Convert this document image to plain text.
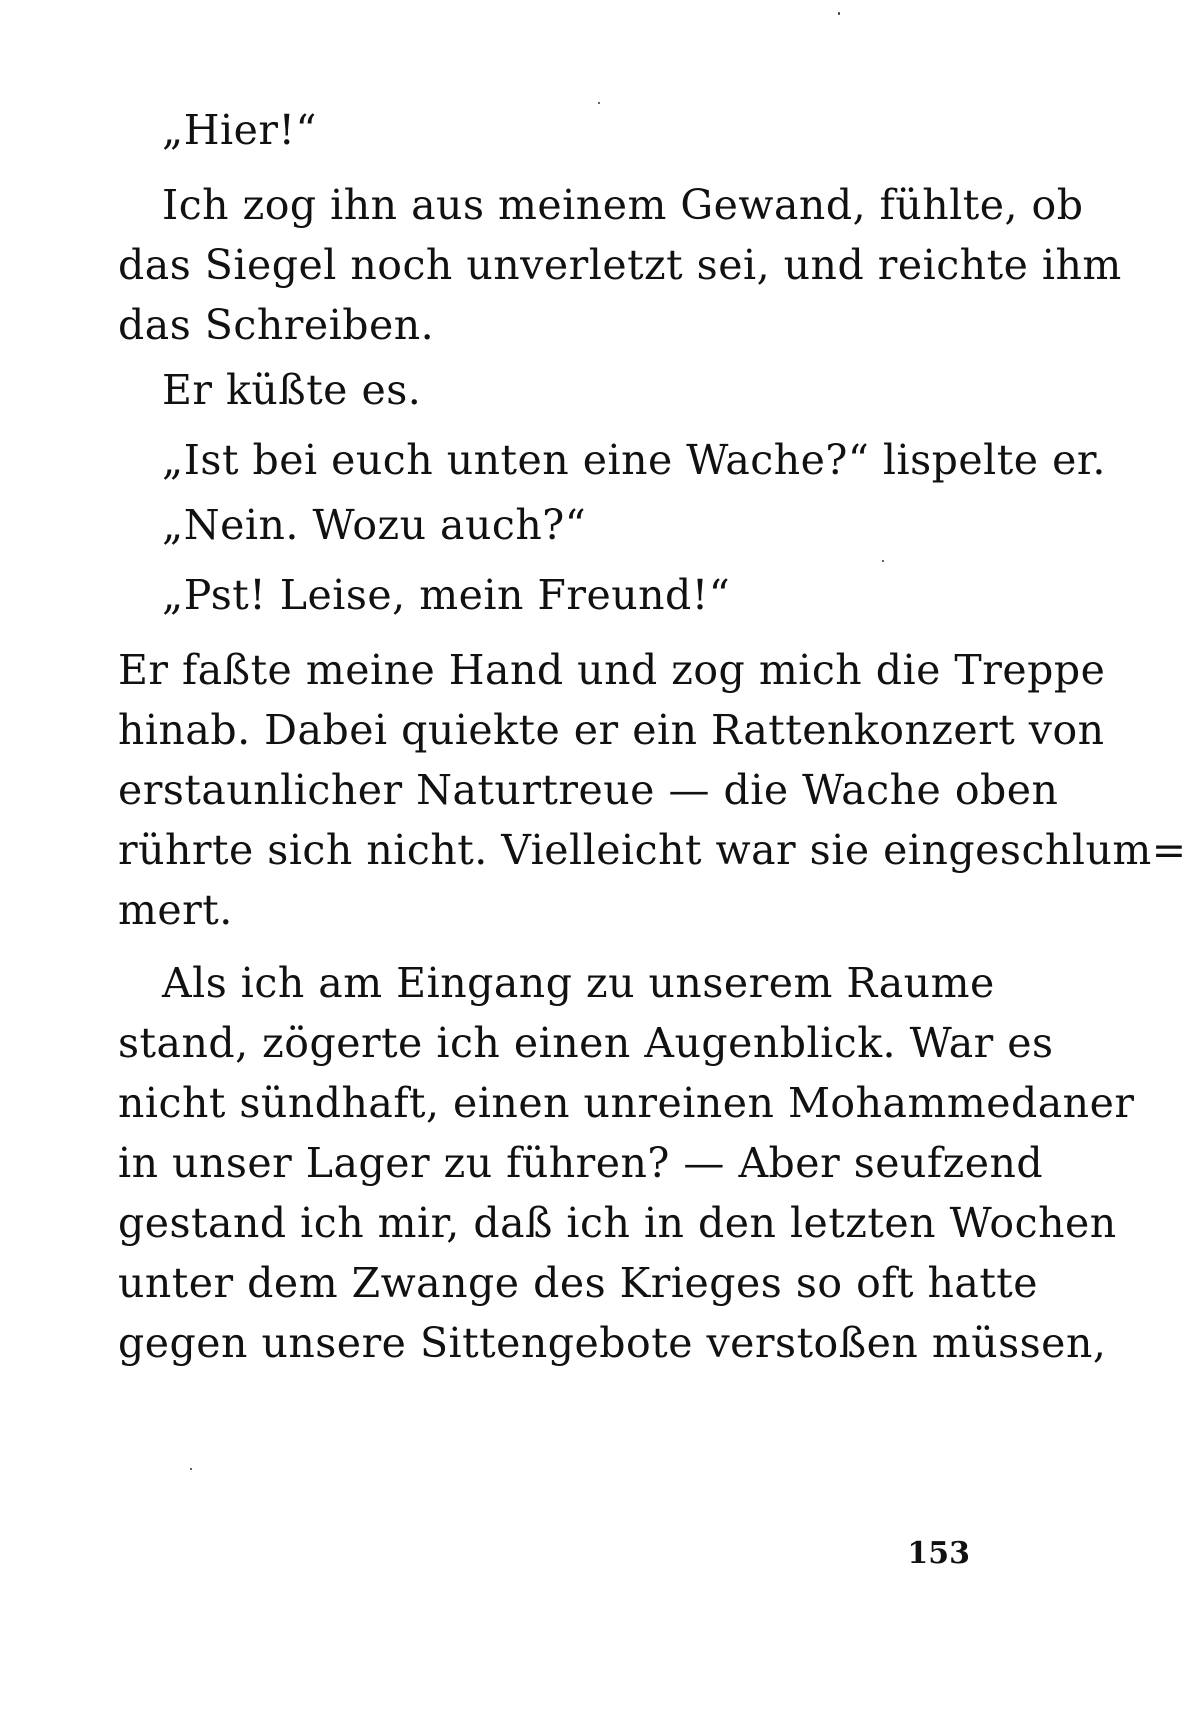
„Hier!“
Ich zog ihn aus meinem Gewand, fühlte, ob
das Siegel noch unverletzt sei, und reichte ihm
das Schreiben.
Er küßte es.
„Ist bei euch unten eine Wache?“ lispelte er.
„Nein. Wozu auch?“
„Pst! Leise, mein Freund!“
Er faßte meine Hand und zog mich die Treppe
hinab. Dabei quiekte er ein Rattenkonzert von
erstaunlicher Naturtreue — die Wache oben
rührte sich nicht. Vielleicht war sie eingeschlum=
mert.
Als ich am Eingang zu unserem Raume
stand, zögerte ich einen Augenblick. War es
nicht sündhaft, einen unreinen Mohammedaner
in unser Lager zu führen? — Aber seufzend
gestand ich mir, daß ich in den letzten Wochen
unter dem Zwange des Krieges so oft hatte
gegen unsere Sittengebote verstoßen müssen,
153
